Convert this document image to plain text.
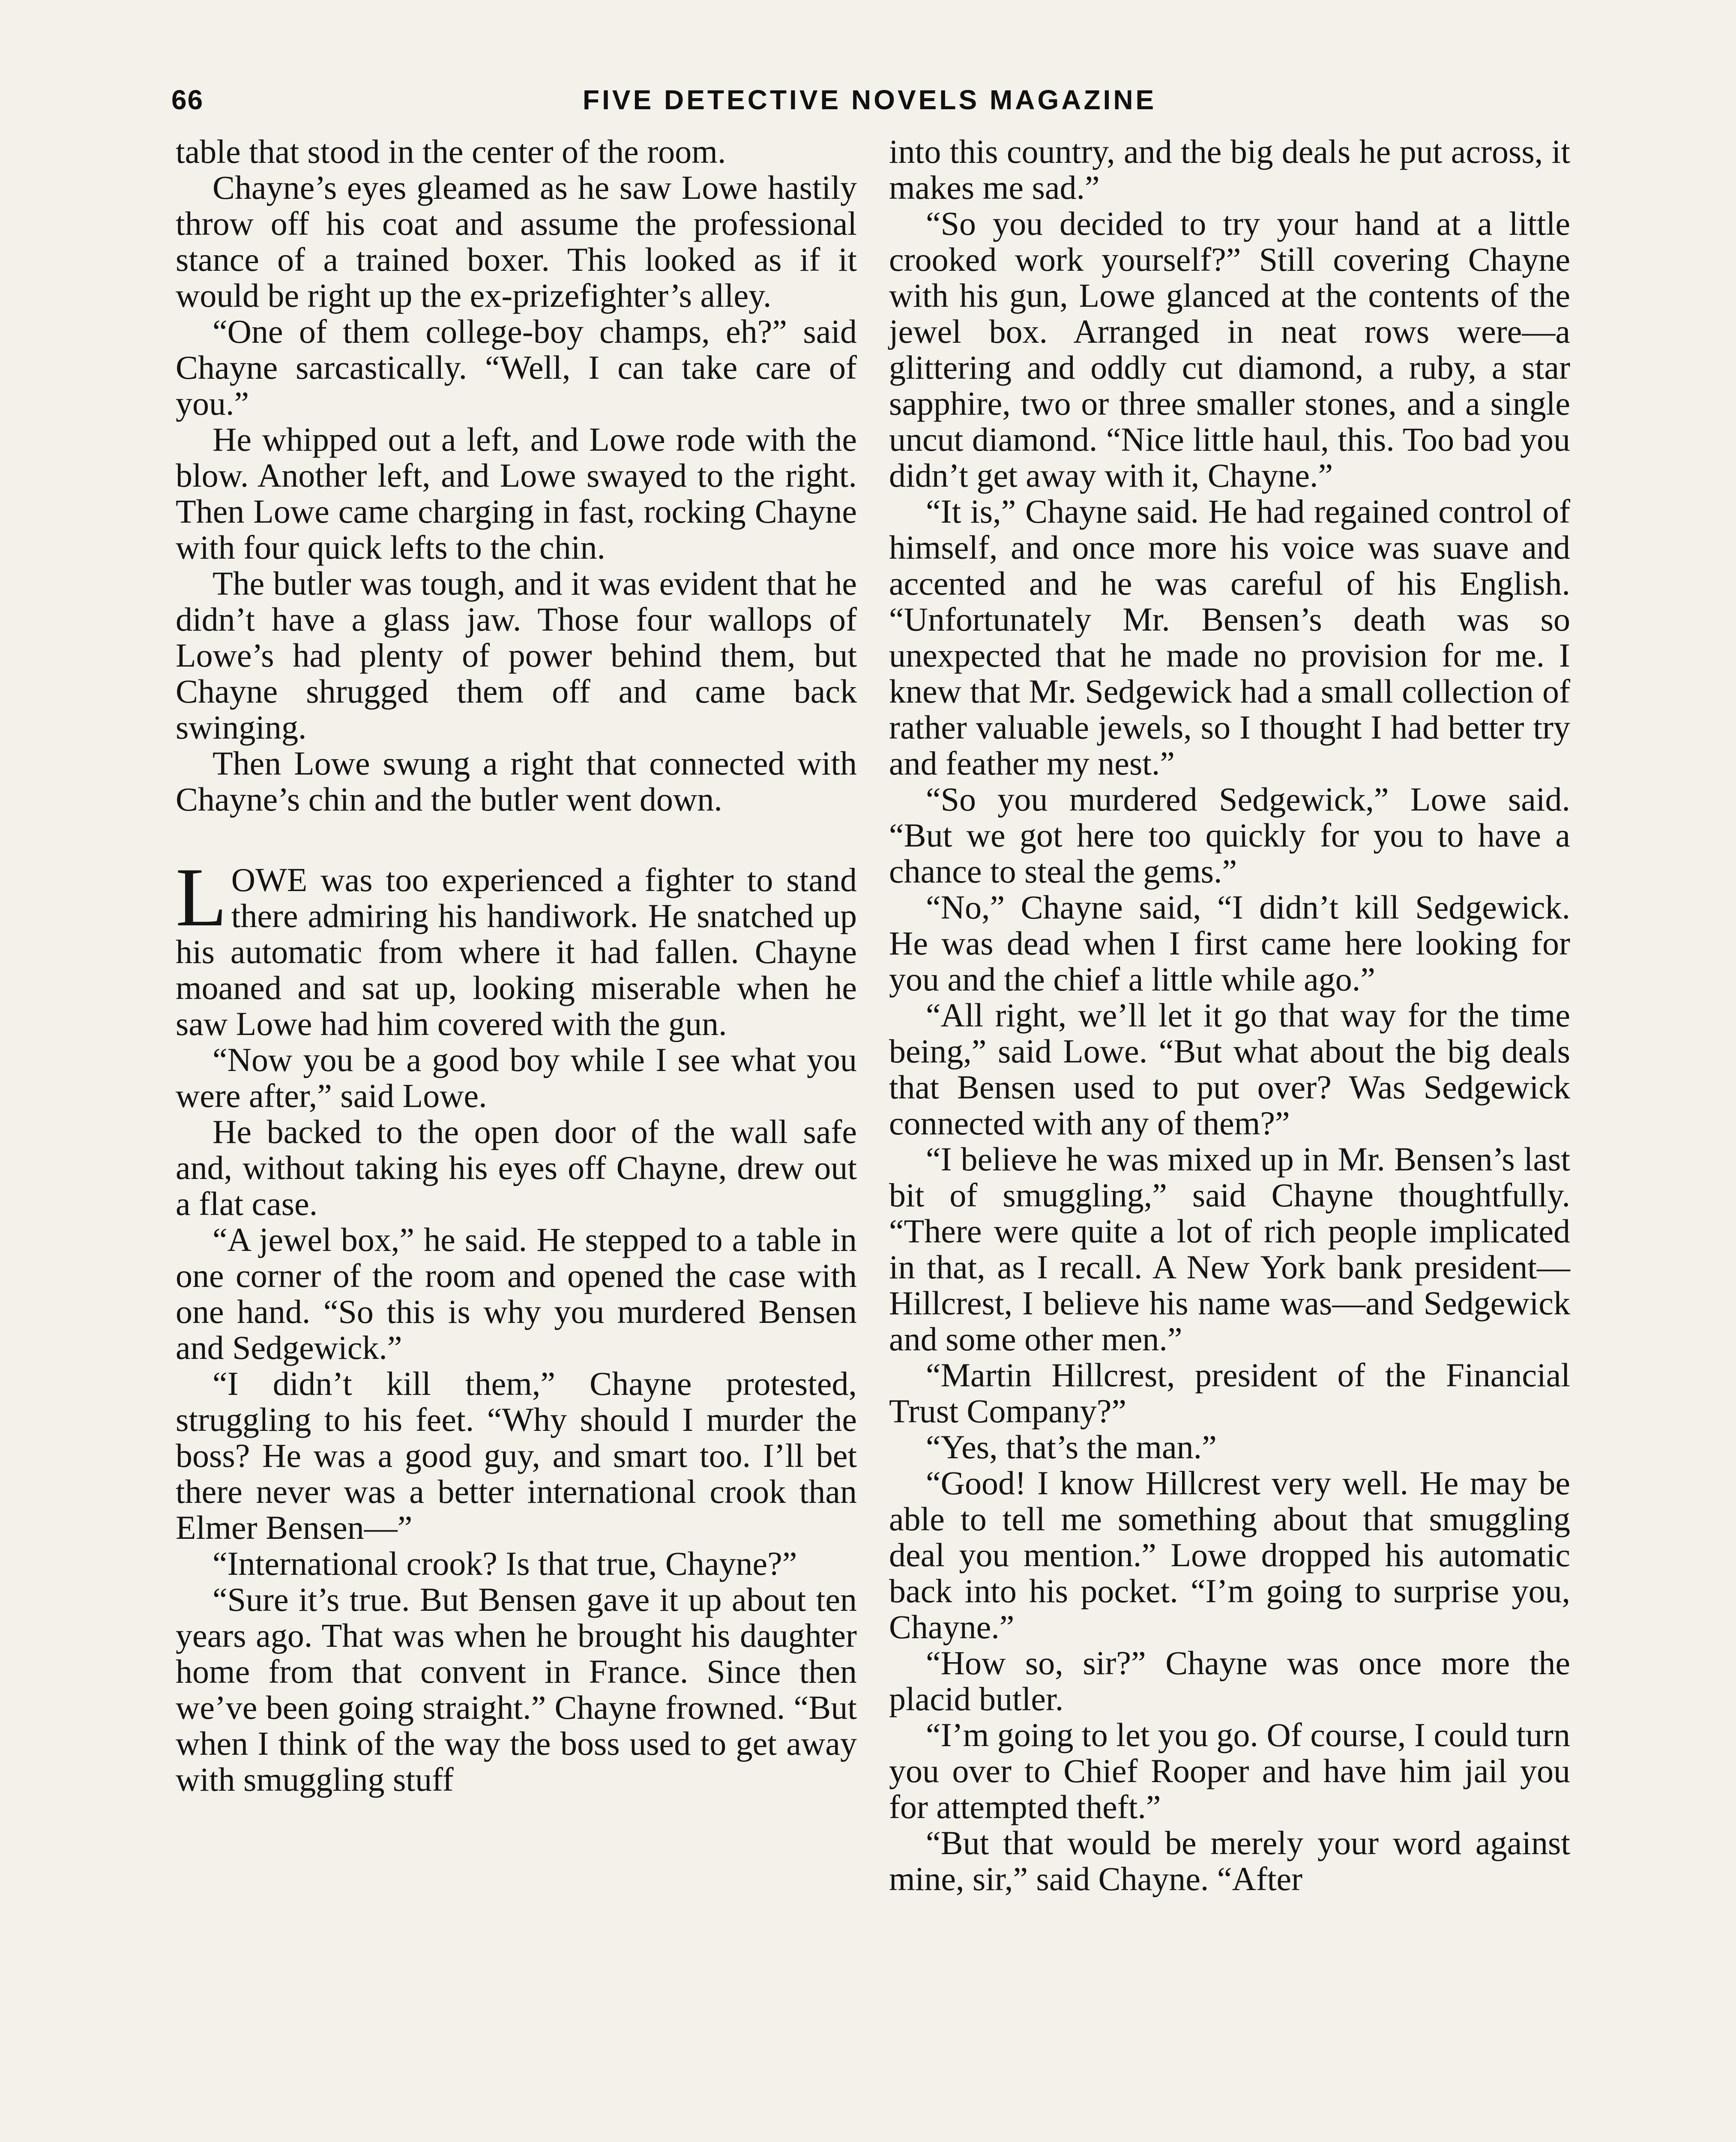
66	FIVE DETECTIVE NOVELS MAGAZINE

table that stood in the center of the room.

Chayne’s eyes gleamed as he saw Lowe hastily throw off his coat and assume the professional stance of a trained boxer. This looked as if it would be right up the ex-prizefighter’s alley.

“One of them college-boy champs, eh?” said Chayne sarcastically. “Well, I can take care of you.”

He whipped out a left, and Lowe rode with the blow. Another left, and Lowe swayed to the right. Then Lowe came charging in fast, rocking Chayne with four quick lefts to the chin.

The butler was tough, and it was evident that he didn’t have a glass jaw. Those four wallops of Lowe’s had plenty of power behind them, but Chayne shrugged them off and came back swinging.

Then Lowe swung a right that connected with Chayne’s chin and the butler went down.

LOWE was too experienced a fighter to stand there admiring his handiwork. He snatched up his automatic from where it had fallen. Chayne moaned and sat up, looking miserable when he saw Lowe had him covered with the gun.

“Now you be a good boy while I see what you were after,” said Lowe.

He backed to the open door of the wall safe and, without taking his eyes off Chayne, drew out a flat case.

“A jewel box,” he said. He stepped to a table in one corner of the room and opened the case with one hand. “So this is why you murdered Bensen and Sedgewick.”

“I didn’t kill them,” Chayne protested, struggling to his feet. “Why should I murder the boss? He was a good guy, and smart too. I’ll bet there never was a better international crook than Elmer Bensen—”

“International crook? Is that true, Chayne?”

“Sure it’s true. But Bensen gave it up about ten years ago. That was when he brought his daughter home from that convent in France. Since then we’ve been going straight.” Chayne frowned. “But when I think of the way the boss used to get away with smuggling stuff

into this country, and the big deals he put across, it makes me sad.”

“So you decided to try your hand at a little crooked work yourself?” Still covering Chayne with his gun, Lowe glanced at the contents of the jewel box. Arranged in neat rows were—a glittering and oddly cut diamond, a ruby, a star sapphire, two or three smaller stones, and a single uncut diamond. “Nice little haul, this. Too bad you didn’t get away with it, Chayne.”

“It is,” Chayne said. He had regained control of himself, and once more his voice was suave and accented and he was careful of his English. “Unfortunately Mr. Bensen’s death was so unexpected that he made no provision for me. I knew that Mr. Sedgewick had a small collection of rather valuable jewels, so I thought I had better try and feather my nest.”

“So you murdered Sedgewick,” Lowe said. “But we got here too quickly for you to have a chance to steal the gems.”

“No,” Chayne said, “I didn’t kill Sedgewick. He was dead when I first came here looking for you and the chief a little while ago.”

“All right, we’ll let it go that way for the time being,” said Lowe. “But what about the big deals that Bensen used to put over? Was Sedgewick connected with any of them?”

“I believe he was mixed up in Mr. Bensen’s last bit of smuggling,” said Chayne thoughtfully. “There were quite a lot of rich people implicated in that, as I recall. A New York bank president—Hillcrest, I believe his name was—and Sedgewick and some other men.”

“Martin Hillcrest, president of the Financial Trust Company?”

“Yes, that’s the man.”

“Good! I know Hillcrest very well. He may be able to tell me something about that smuggling deal you mention.” Lowe dropped his automatic back into his pocket. “I’m going to surprise you, Chayne.”

“How so, sir?” Chayne was once more the placid butler.

“I’m going to let you go. Of course, I could turn you over to Chief Rooper and have him jail you for attempted theft.”

“But that would be merely your word against mine, sir,” said Chayne. “After
